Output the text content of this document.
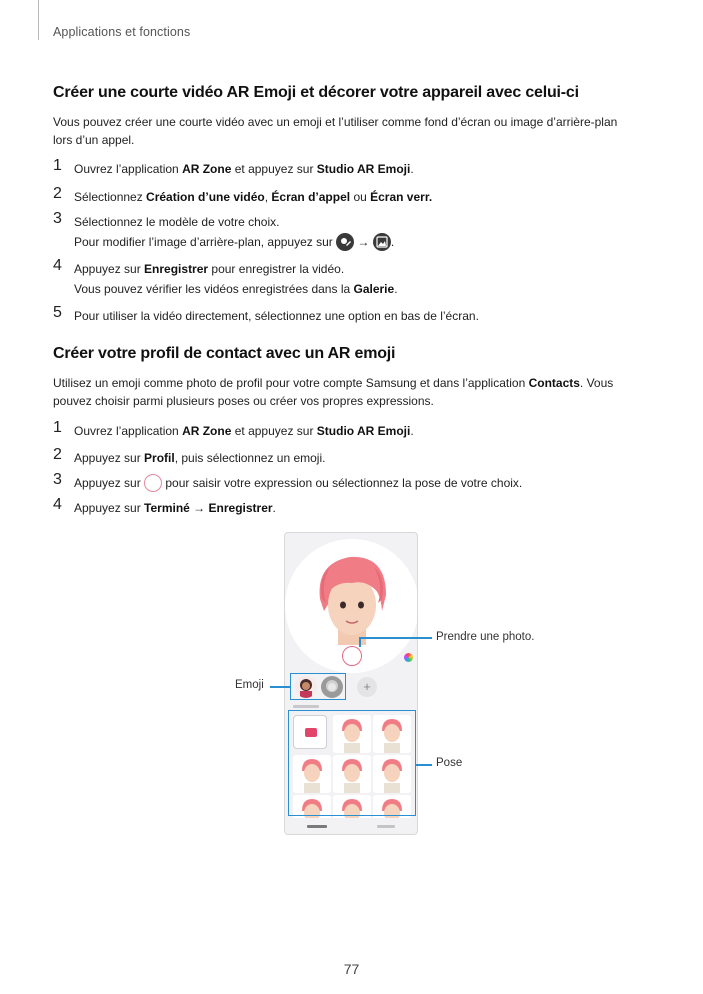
Applications et fonctions
Créer une courte vidéo AR Emoji et décorer votre appareil avec celui-ci
Vous pouvez créer une courte vidéo avec un emoji et l’utiliser comme fond d’écran ou image d’arrière-plan
lors d’un appel.
1 Ouvrez l’application AR Zone et appuyez sur Studio AR Emoji.
2 Sélectionnez Création d’une vidéo, Écran d’appel ou Écran verr.
3 Sélectionnez le modèle de votre choix.
Pour modifier l’image d’arrière-plan, appuyez sur
→ .
4 Appuyez sur Enregistrer pour enregistrer la vidéo.
Vous pouvez vérifier les vidéos enregistrées dans la Galerie.
5 Pour utiliser la vidéo directement, sélectionnez une option en bas de l’écran.
Créer votre profil de contact avec un AR emoji
Utilisez un emoji comme photo de profil pour votre compte Samsung et dans l’application Contacts. Vous
pouvez choisir parmi plusieurs poses ou créer vos propres expressions.
1 Ouvrez l’application AR Zone et appuyez sur Studio AR Emoji.
2 Appuyez sur Profil, puis sélectionnez un emoji.
3 Appuyez sur  pour saisir votre expression ou sélectionnez la pose de votre choix.
4 Appuyez sur Terminé → Enregistrer.
+
Prendre une photo.
Emoji
Pose
77
